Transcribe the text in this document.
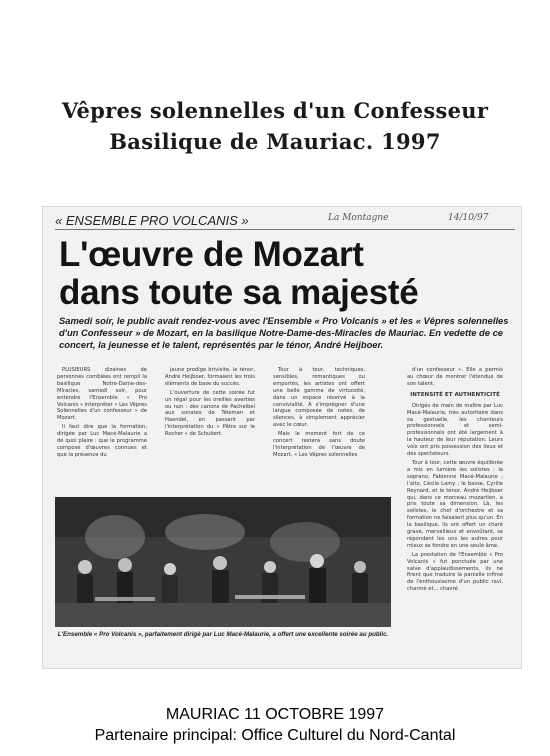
Vêpres solennelles d'un Confesseur
Basilique de Mauriac. 1997
« ENSEMBLE PRO VOLCANIS »	La Montagne	14/10/97
L'œuvre de Mozart
dans toute sa majesté
Samedi soir, le public avait rendez-vous avec l'Ensemble « Pro Volcanis » et les « Vêpres solennelles d'un Confesseur » de Mozart, en la basilique Notre-Dame-des-Miracles de Mauriac. En vedette de ce concert, la jeunesse et le talent, représentés par le ténor, André Heijboer.

PLUSIEURS dizaines de personnes comblées ont rempli la basilique Notre-Dame-des-Miracles, samedi soir, pour entendre l'Ensemble « Pro Volcanis » interpréter « Les Vêpres Solennelles d'un confesseur » de Mozart.

Il faut dire que la formation, dirigée par Luc Macé-Malaurie a de quoi plaire : que le programme composé d'œuvres connues et que la présence du

jeune prodige brivisite, le ténor, André Heijboer, formaient les trois éléments de base du succès.

L'ouverture de cette soirée fut un régal pour les oreilles averties ou non : des canons de Pachelbel aux sonates de Téleman et Haendel, en passant par l'interprétation du « Pâtre sur le Rocher » de Schubert.

Tour à tour, techniques, sensibles, romantiques ou emportés, les artistes ont offert une belle gamme de virtuosité, dans un espace réservé à la convivialité. A s'imprégner d'une langue composée de notes, de silences, à simplement apprécier avec le cœur.

Mais le moment fort de ce concert restera sans doute l'interprétation de l'œuvre de Mozart, « Les Vêpres solennelles

d'un confesseur ». Elle a permis au chœur de montrer l'étendue de son talent.

INTENSITÉ ET AUTHENTICITÉ

Dirigés de main de maître par Luc Macé-Malaurie, très autoritaire dans sa gestuelle, les chanteurs professionnels et semi-professionnels ont été largement à la hauteur de leur réputation. Leurs voix ont pris possession des lieux et des spectateurs.

Tour à tour, cette œuvre équilibrée a mis en lumière les solistes : la soprano, Fabienne Macé-Malaurie ; l'alto, Cécile Lamy ; le basse, Cyrille Reynard, et le ténor, André Heijboer qui, dans ce morceau mozartien, a pris toute sa dimension. Là, les solistes, le chef d'orchestre et sa formation ne faisaient plus qu'un. En la basilique, ils ont offert un chant grave, merveilleux et envoûtant, se répondant les uns les autres pour mieux se fondre en une seule âme.

La prestation de l'Ensemble « Pro Volcanis » fut ponctuée par une salve d'applaudissements, ils ne firent que traduire la parcelle infime de l'enthousiasme d'un public ravi, charmé et... chavré.

L'Ensemble « Pro Volcanis », parfaitement dirigé par Luc Macé-Malaurie, a offert une excellente soirée au public.
MAURIAC 11 OCTOBRE 1997
Partenaire principal: Office Culturel du Nord-Cantal
